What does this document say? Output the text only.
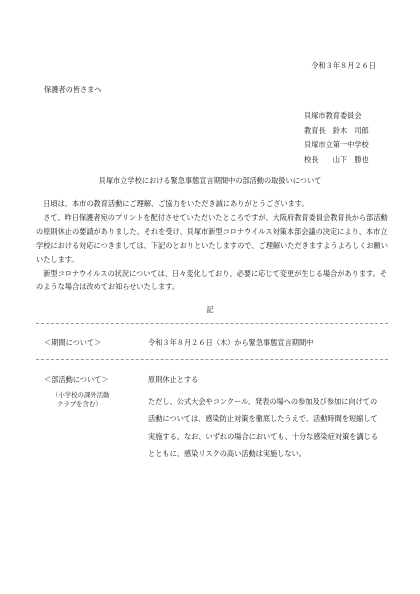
令和３年８月２６日
保護者の皆さまへ
貝塚市教育委員会
教育長　鈴木　司郎
貝塚市立第一中学校
校長　　山下　勝也
貝塚市立学校における緊急事態宣言期間中の部活動の取扱いについて

日頃は、本市の教育活動にご理解、ご協力をいただき誠にありがとうございます。

さて、昨日保護者宛のプリントを配付させていただいたところですが、大阪府教育委員会教育長から部活動の原則休止の要請がありました。それを受け、貝塚市新型コロナウイルス対策本部会議の決定により、本市立学校における対応につきましては、下記のとおりといたしますので、ご理解いただきますようよろしくお願いいたします。

新型コロナウイルスの状況については、日々変化しており、必要に応じて変更が生じる場合があります。そのような場合は改めてお知らせいたします。

記
＜期間について＞	令和３年８月２６日（木）から緊急事態宣言期間中
＜部活動について＞
（小学校の課外活動
クラブを含む）
原則休止とする

ただし、公式大会やコンクール、発表の場への参加及び参加に向けての活動については、感染防止対策を徹底したうえで、活動時間を短縮して実施する。なお、いずれの場合においても、十分な感染症対策を講じるとともに、感染リスクの高い活動は実施しない。
